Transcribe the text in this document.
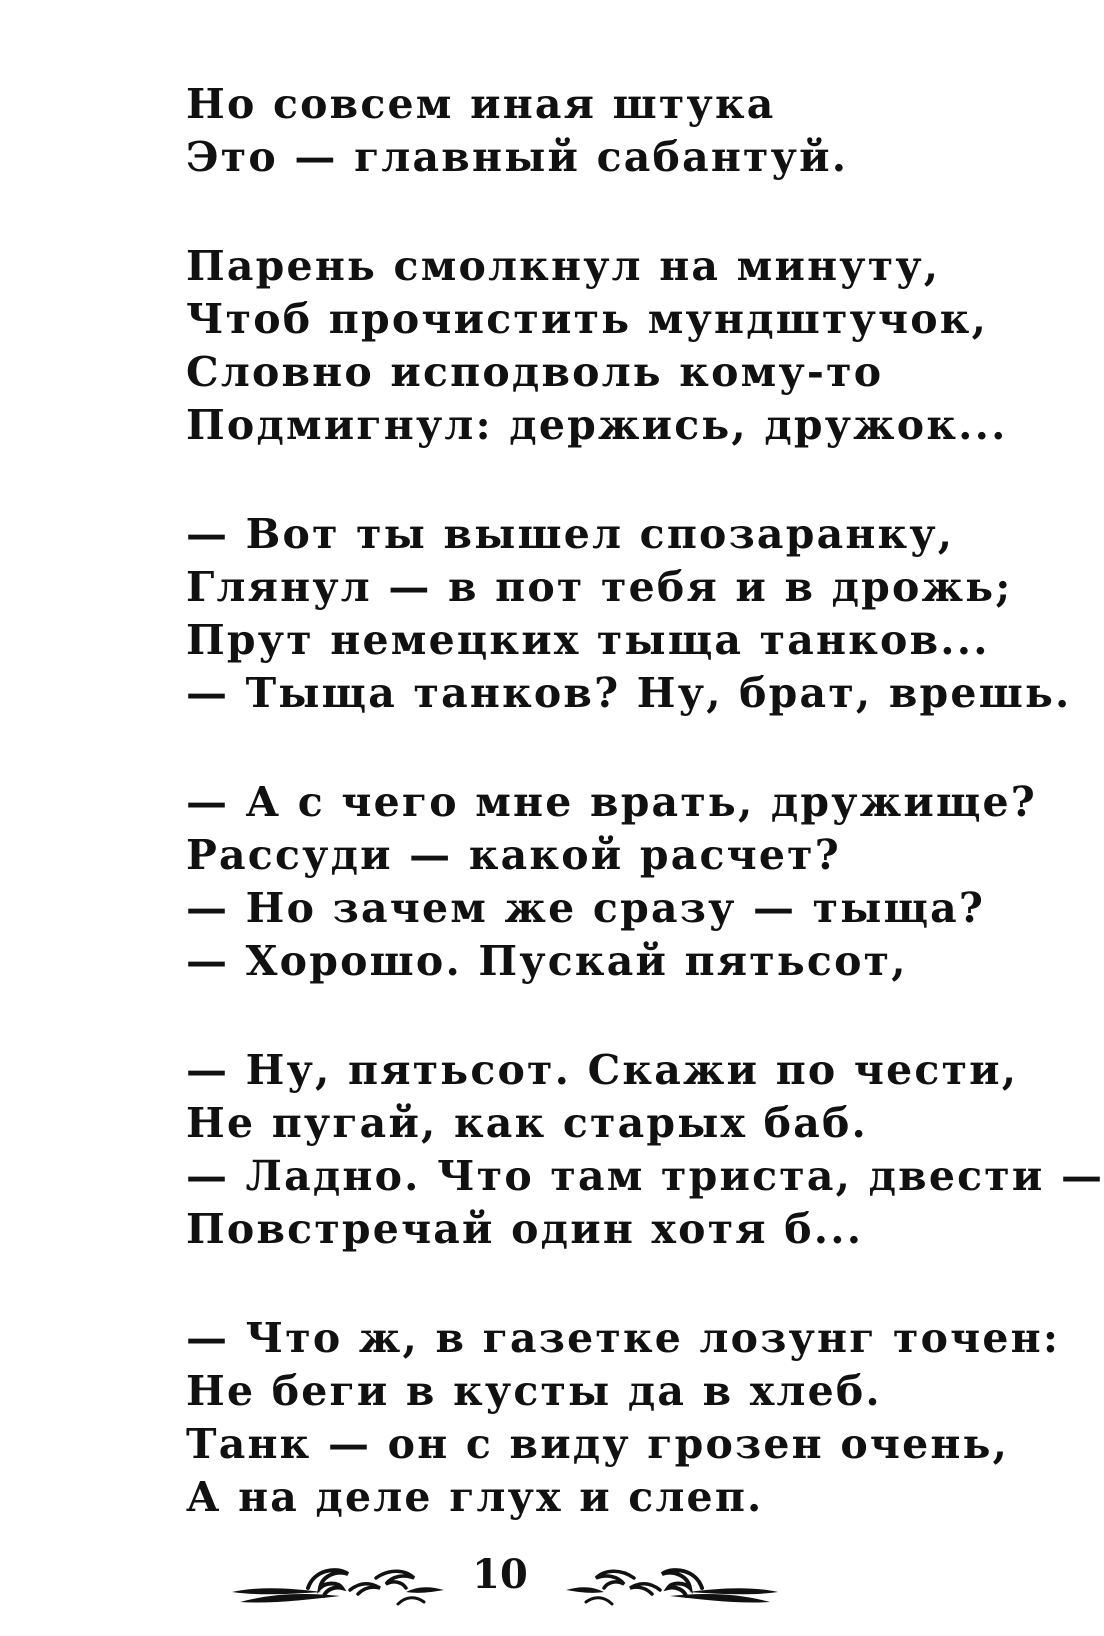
Но совсем иная штука
Это — главный сабантуй.
Парень смолкнул на минуту,
Чтоб прочистить мундштучок,
Словно исподволь кому-то
Подмигнул: держись, дружок...
— Вот ты вышел спозаранку,
Глянул — в пот тебя и в дрожь;
Прут немецких тыща танков...
— Тыща танков? Ну, брат, врешь.
— А с чего мне врать, дружище?
Рассуди — какой расчет?
— Но зачем же сразу — тыща?
— Хорошо. Пускай пятьсот,
— Ну, пятьсот. Скажи по чести,
Не пугай, как старых баб.
— Ладно. Что там триста, двести —
Повстречай один хотя б...
— Что ж, в газетке лозунг точен:
Не беги в кусты да в хлеб.
Танк — он с виду грозен очень,
А на деле глух и слеп.
10
